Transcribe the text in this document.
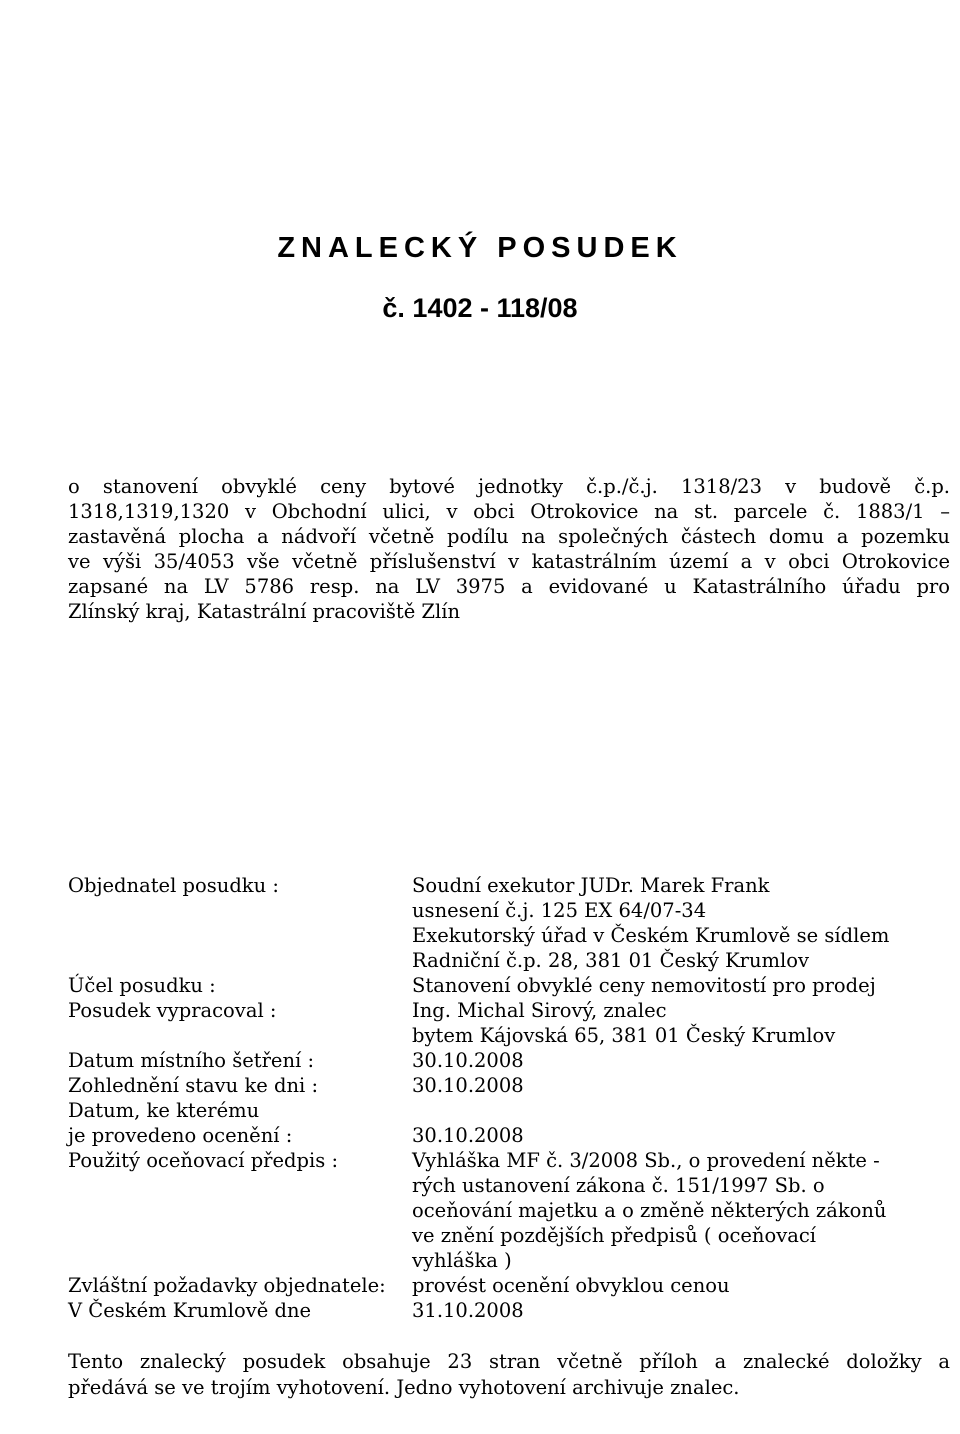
ZNALECKÝ POSUDEK
č. 1402 - 118/08
o stanovení obvyklé ceny bytové jednotky č.p./č.j. 1318/23 v budově č.p.
1318,1319,1320 v Obchodní ulici, v obci Otrokovice na st. parcele č. 1883/1 –
zastavěná plocha a nádvoří včetně podílu na společných částech domu a pozemku
ve výši 35/4053 vše včetně příslušenství v katastrálním území a v obci Otrokovice
zapsané na LV 5786 resp. na LV 3975 a evidované u Katastrálního úřadu pro
Zlínský kraj, Katastrální pracoviště Zlín
Objednatel posudku :	Soudní exekutor JUDr. Marek Frank
usnesení č.j. 125 EX 64/07-34
Exekutorský úřad v Českém Krumlově se sídlem
Radniční č.p. 28, 381 01 Český Krumlov
Účel posudku :	Stanovení obvyklé ceny nemovitostí pro prodej
Posudek vypracoval :	Ing. Michal Sirový, znalec
bytem Kájovská 65, 381 01 Český Krumlov
Datum místního šetření :	30.10.2008
Zohlednění stavu ke dni :	30.10.2008
Datum, ke kterému
je provedeno ocenění :	30.10.2008
Použitý oceňovací předpis :	Vyhláška MF č. 3/2008 Sb., o provedení někte -
rých ustanovení zákona č. 151/1997 Sb. o
oceňování majetku a o změně některých zákonů
ve znění pozdějších předpisů ( oceňovací
vyhláška )
Zvláštní požadavky objednatele: provést ocenění obvyklou cenou
V Českém Krumlově dne	31.10.2008
Tento znalecký posudek obsahuje 23 stran včetně příloh a znalecké doložky a
předává se ve trojím vyhotovení. Jedno vyhotovení archivuje znalec.
